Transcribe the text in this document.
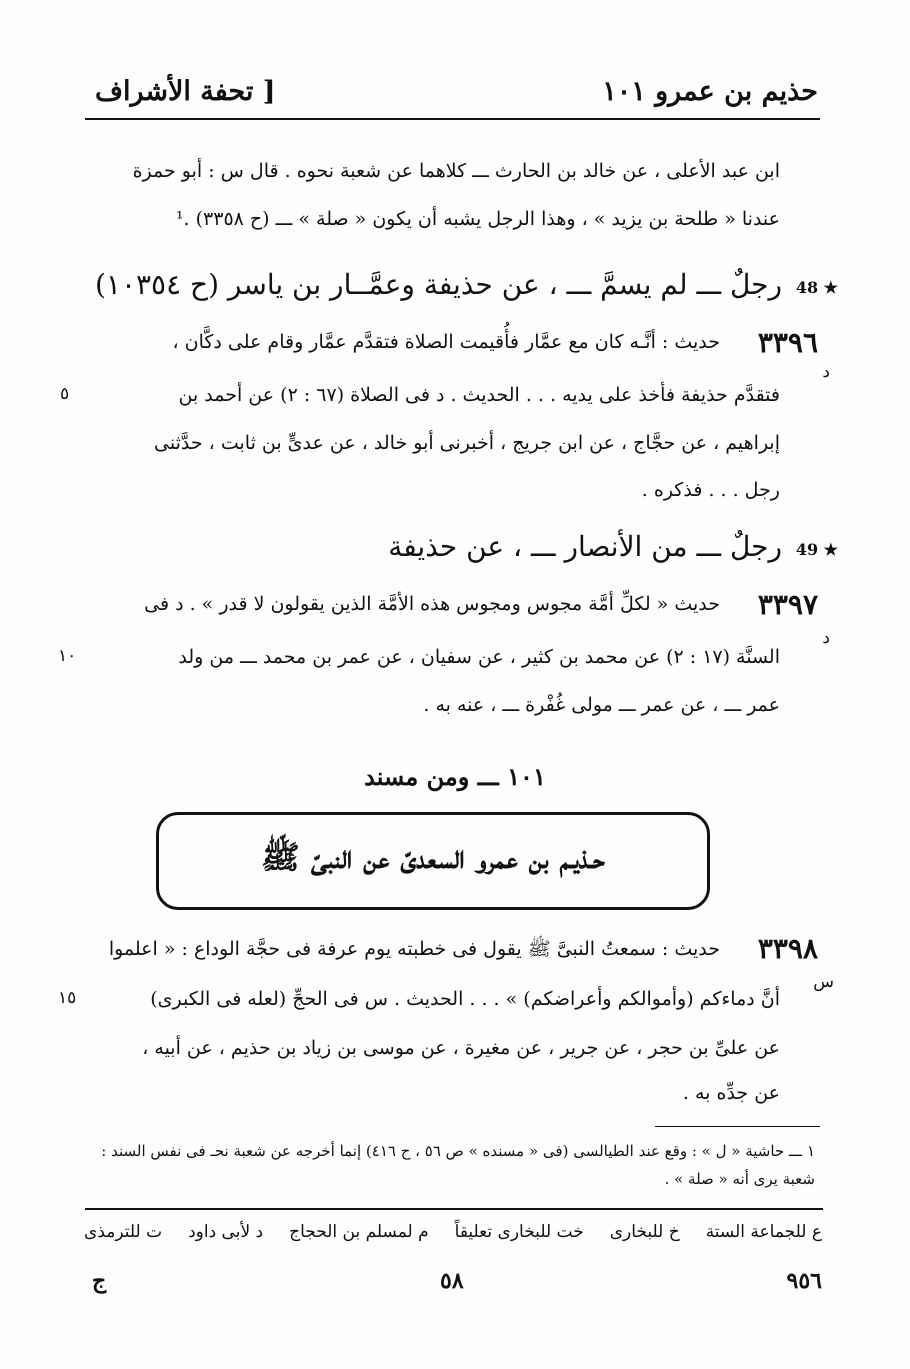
حذيم بن عمرو ١٠١
[ تحفة الأشراف
ابن عبد الأعلى ، عن خالد بن الحارث ـــ كلاهما عن شعبة نحوه . قال س : أبو حمزة
عندنا « طلحة بن يزيد » ، وهذا الرجل يشبه أن يكون « صلة » ـــ (ح ٣٣٥٨) .¹
48 ★
رجلٌ ـــ لم يسمَّ ـــ ، عن حذيفة وعمَّــار بن ياسر (ح ١٠٣٥٤)
٣٣٩٦
حديث : أنَّـه كان مع عمَّار فأُقيمت الصلاة فتقدَّم عمَّار وقام على دكَّان ،
د
فتقدَّم حذيفة فأخذ على يديه . . . الحديث . د فى الصلاة (٦٧ : ٢) عن أحمد بن
٥
إبراهيم ، عن حجَّاج ، عن ابن جريج ، أخبرنى أبو خالد ، عن عدىٍّ بن ثابت ، حدَّثنى
رجل . . . فذكره .
49 ★
رجلٌ ـــ من الأنصار ـــ ، عن حذيفة
٣٣٩٧
حديث « لكلِّ أمَّة مجوس ومجوس هذه الأمَّة الذين يقولون لا قدر » . د فى
د
السنَّة (١٧ : ٢) عن محمد بن كثير ، عن سفيان ، عن عمر بن محمد ـــ من ولد
١٠
عمر ـــ ، عن عمر ـــ مولى غُفْرة ـــ ، عنه به .
١٠١ ـــ ومن مسند
حـذيـم بن عمرو السعدىّ عن النبىّ ﷺ
٣٣٩٨
حديث : سمعتُ النبىَّ ﷺ يقول فى خطبته يوم عرفة فى حجَّة الوداع : « اعلموا
س
أنَّ دماءكم (وأموالكم وأعراضكم) » . . . الحديث . س فى الحجِّ (لعله فى الكبرى)
١٥
عن علىِّ بن حجر ، عن جرير ، عن مغيرة ، عن موسى بن زياد بن حذيم ، عن أبيه ،
عن جدِّه به .
١ ـــ حاشية « ل » : وقع عند الطيالسى (فى « مسنده » ص ٥٦ ، ح ٤١٦) إنما أخرجه عن شعبة نحـ فى نفس السند :
شعبة يرى أنه « صلة » .
ع للجماعة الستة
خ للبخارى
خت للبخارى تعليقاً
م لمسلم بن الحجاج
د لأبى داود
ت للترمذى
٩٥٦
٥٨
ج
